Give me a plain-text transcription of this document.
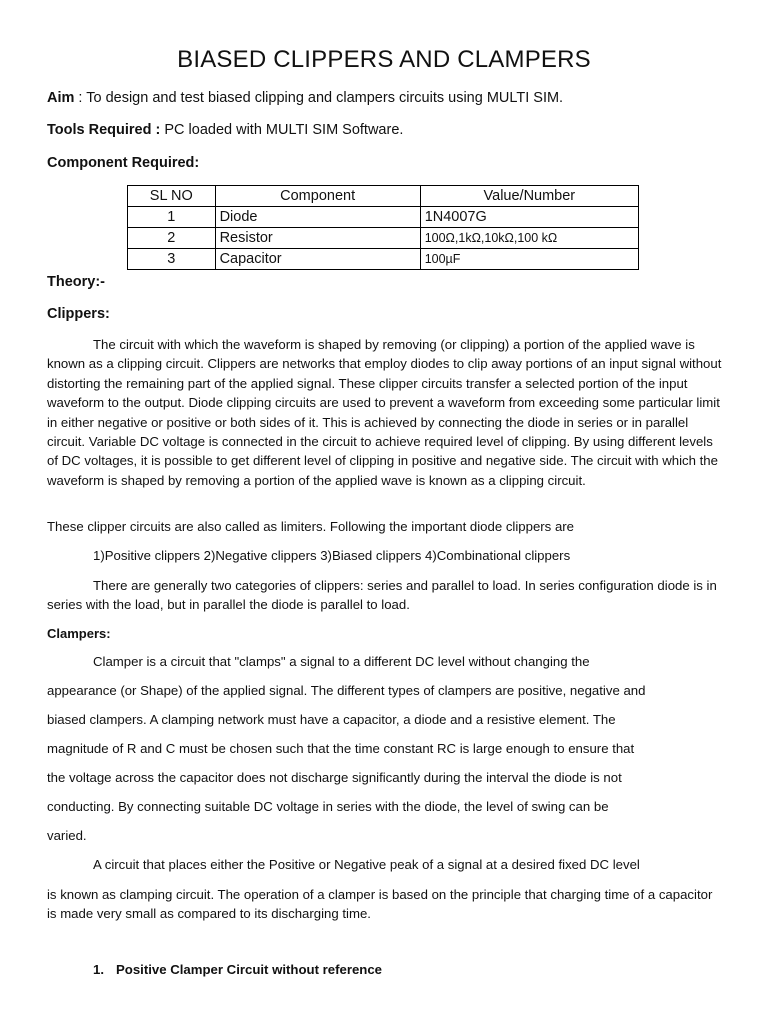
BIASED CLIPPERS AND CLAMPERS
Aim : To design and test biased clipping and clampers circuits using MULTI SIM.
Tools Required : PC loaded with MULTI SIM Software.
Component Required:
SL NO	Component	Value/Number
1	Diode	1N4007G
2	Resistor	100Ω,1kΩ,10kΩ,100 kΩ
3	Capacitor	100µF
Theory:-
Clippers:
The circuit with which the waveform is shaped by removing (or clipping) a portion of the applied wave is known as a clipping circuit. Clippers are networks that employ diodes to clip away portions of an input signal without distorting the remaining part of the applied signal. These clipper circuits transfer a selected portion of the input waveform to the output. Diode clipping circuits are used to prevent a waveform from exceeding some particular limit in either negative or positive or both sides of it. This is achieved by connecting the diode in series or in parallel circuit. Variable DC voltage is connected in the circuit to achieve required level of clipping. By using different levels of DC voltages, it is possible to get different level of clipping in positive and negative side. The circuit with which the waveform is shaped by removing a portion of the applied wave is known as a clipping circuit.
These clipper circuits are also called as limiters. Following the important diode clippers are
1)Positive clippers 2)Negative clippers 3)Biased clippers 4)Combinational clippers
There are generally two categories of clippers: series and parallel to load. In series configuration diode is in series with the load, but in parallel the diode is parallel to load.
Clampers:
Clamper is a circuit that "clamps" a signal to a different DC level without changing the
appearance (or Shape) of the applied signal. The different types of clampers are positive, negative and
biased clampers. A clamping network must have a capacitor, a diode and a resistive element. The
magnitude of R and C must be chosen such that the time constant RC is large enough to ensure that
the voltage across the capacitor does not discharge significantly during the interval the diode is not
conducting. By connecting suitable DC voltage in series with the diode, the level of swing can be
varied.
A circuit that places either the Positive or Negative peak of a signal at a desired fixed DC level
is known as clamping circuit. The operation of a clamper is based on the principle that charging time of a capacitor is made very small as compared to its discharging time.
1. Positive Clamper Circuit without reference
